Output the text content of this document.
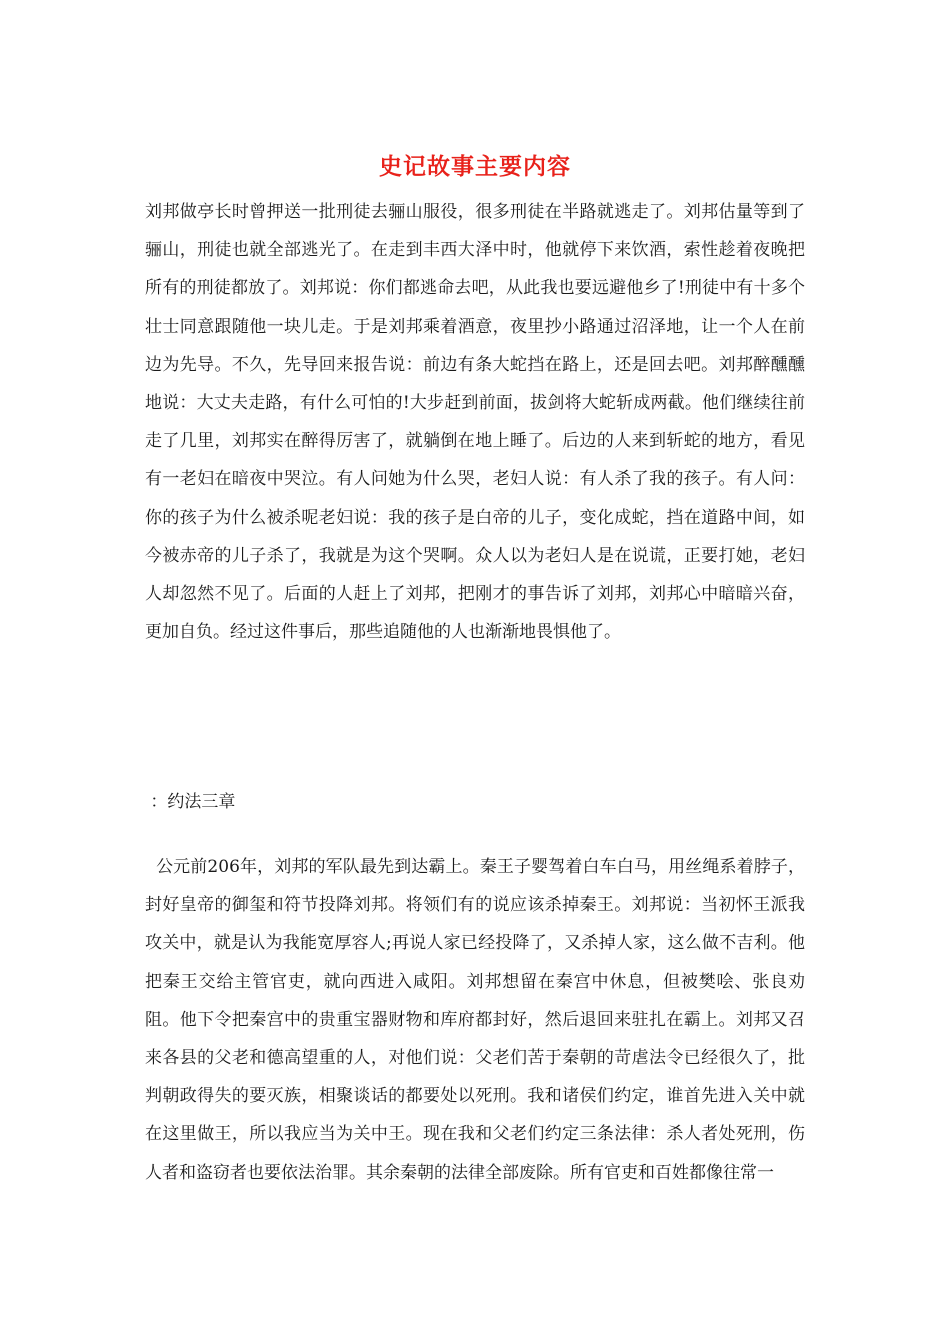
史记故事主要内容

刘邦做亭长时曾押送一批刑徒去骊山服役，很多刑徒在半路就逃走了。刘邦估量等到了骊山，刑徒也就全部逃光了。在走到丰西大泽中时，他就停下来饮酒，索性趁着夜晚把所有的刑徒都放了。刘邦说：你们都逃命去吧，从此我也要远避他乡了!刑徒中有十多个壮士同意跟随他一块儿走。于是刘邦乘着酒意，夜里抄小路通过沼泽地，让一个人在前边为先导。不久，先导回来报告说：前边有条大蛇挡在路上，还是回去吧。刘邦醉醺醺地说：大丈夫走路，有什么可怕的!大步赶到前面，拔剑将大蛇斩成两截。他们继续往前走了几里，刘邦实在醉得厉害了，就躺倒在地上睡了。后边的人来到斩蛇的地方，看见有一老妇在暗夜中哭泣。有人问她为什么哭，老妇人说：有人杀了我的孩子。有人问：你的孩子为什么被杀呢老妇说：我的孩子是白帝的儿子，变化成蛇，挡在道路中间，如今被赤帝的儿子杀了，我就是为这个哭啊。众人以为老妇人是在说谎，正要打她，老妇人却忽然不见了。后面的人赶上了刘邦，把刚才的事告诉了刘邦，刘邦心中暗暗兴奋，更加自负。经过这件事后，那些追随他的人也渐渐地畏惧他了。

：约法三章

公元前206年，刘邦的军队最先到达霸上。秦王子婴驾着白车白马，用丝绳系着脖子，封好皇帝的御玺和符节投降刘邦。将领们有的说应该杀掉秦王。刘邦说：当初怀王派我攻关中，就是认为我能宽厚容人;再说人家已经投降了，又杀掉人家，这么做不吉利。他把秦王交给主管官吏，就向西进入咸阳。刘邦想留在秦宫中休息，但被樊哙、张良劝阻。他下令把秦宫中的贵重宝器财物和库府都封好，然后退回来驻扎在霸上。刘邦又召来各县的父老和德高望重的人，对他们说：父老们苦于秦朝的苛虐法令已经很久了，批判朝政得失的要灭族，相聚谈话的都要处以死刑。我和诸侯们约定，谁首先进入关中就在这里做王，所以我应当为关中王。现在我和父老们约定三条法律：杀人者处死刑，伤人者和盗窃者也要依法治罪。其余秦朝的法律全部废除。所有官吏和百姓都像往常一
